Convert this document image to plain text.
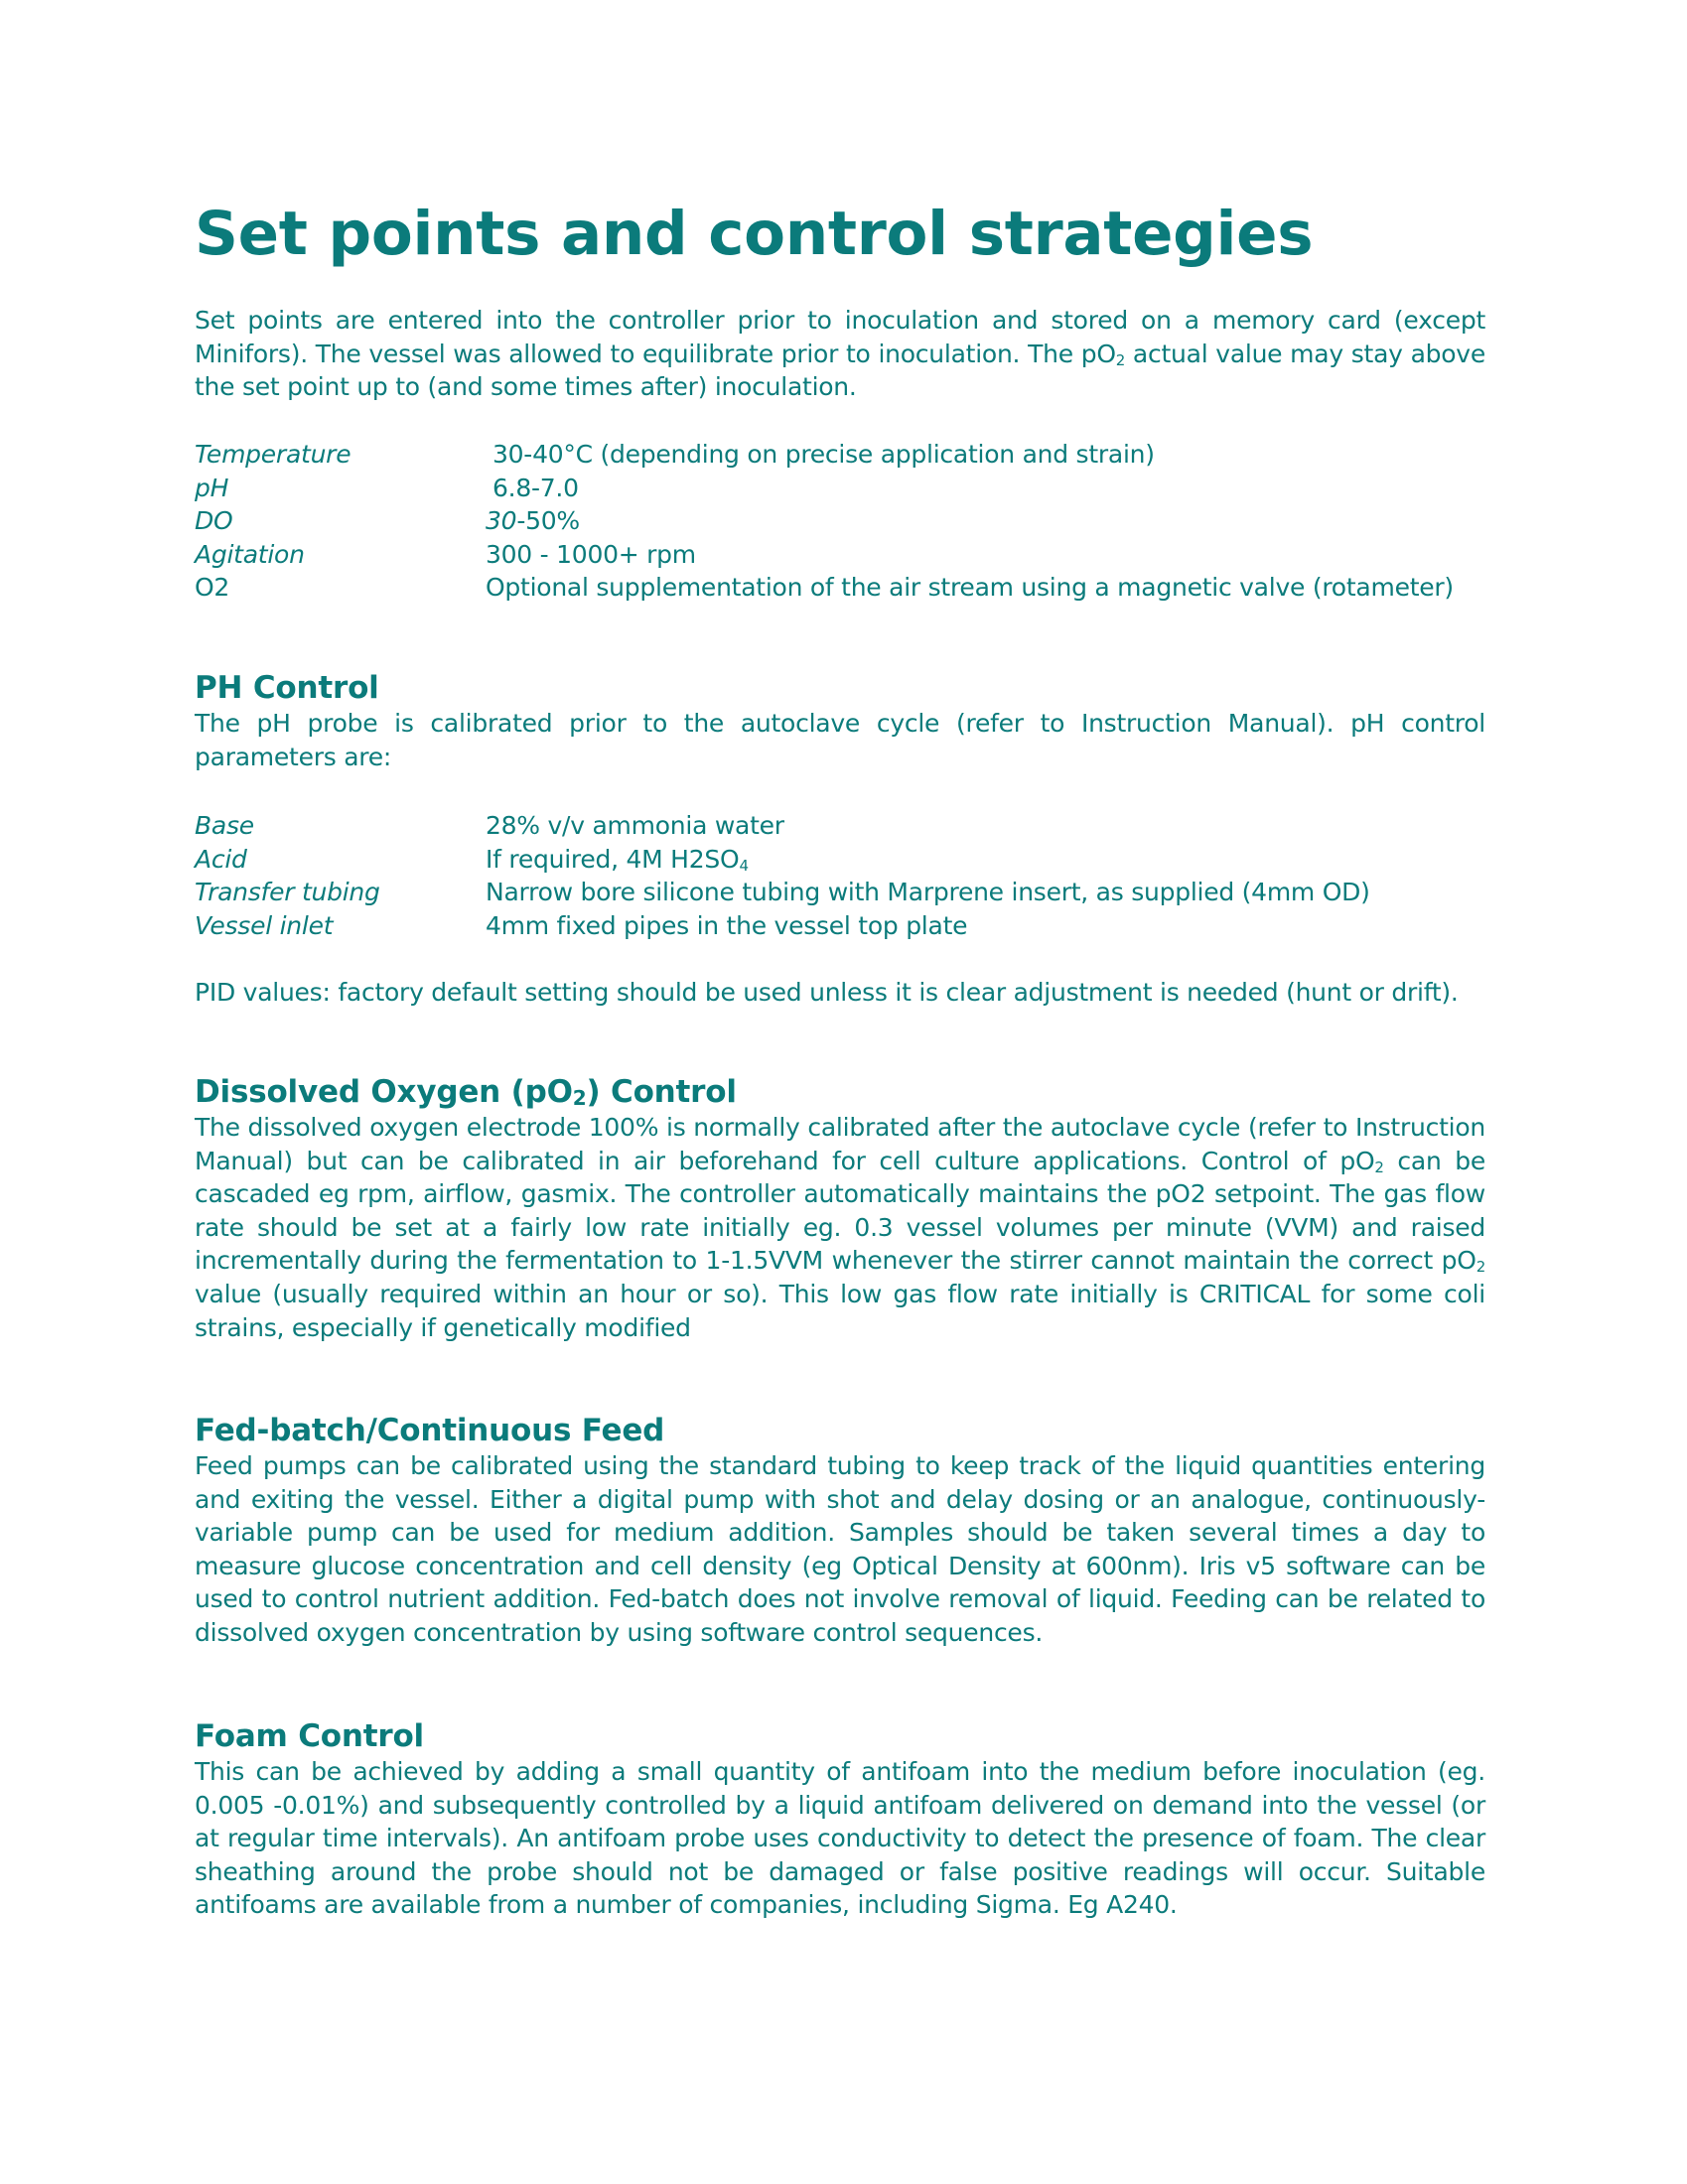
Set points and control strategies

Set points are entered into the controller prior to inoculation and stored on a memory card (except Minifors). The vessel was allowed to equilibrate prior to inoculation. The $pO_2$ actual value may stay above the set point up to (and some times after) inoculation.

Temperature	30-40°C (depending on precise application and strain)
pH	6.8-7.0
DO	30-50%
Agitation	300 - 1000+ rpm
O2	Optional supplementation of the air stream using a magnetic valve (rotameter)
PH Control

The pH probe is calibrated prior to the autoclave cycle (refer to Instruction Manual). pH control parameters are:

Base	28% v/v ammonia water
Acid	If required, 4M $H2SO_4$
Transfer tubing	Narrow bore silicone tubing with Marprene insert, as supplied (4mm OD)
Vessel inlet	4mm fixed pipes in the vessel top plate

PID values: factory default setting should be used unless it is clear adjustment is needed (hunt or drift).

Dissolved Oxygen (pO2) Control

The dissolved oxygen electrode 100% is normally calibrated after the autoclave cycle (refer to Instruction Manual) but can be calibrated in air beforehand for cell culture applications. Control of $pO_2$ can be cascaded eg rpm, airflow, gasmix. The controller automatically maintains the pO2 setpoint. The gas flow rate should be set at a fairly low rate initially eg. 0.3 vessel volumes per minute (VVM) and raised incrementally during the fermentation to 1-1.5VVM whenever the stirrer cannot maintain the correct $pO_2$ value (usually required within an hour or so). This low gas flow rate initially is CRITICAL for some coli strains, especially if genetically modified

Fed-batch/Continuous Feed

Feed pumps can be calibrated using the standard tubing to keep track of the liquid quantities entering and exiting the vessel. Either a digital pump with shot and delay dosing or an analogue, continuously-variable pump can be used for medium addition. Samples should be taken several times a day to measure glucose concentration and cell density (eg Optical Density at 600nm). Iris v5 software can be used to control nutrient addition. Fed-batch does not involve removal of liquid. Feeding can be related to dissolved oxygen concentration by using software control sequences.

Foam Control

This can be achieved by adding a small quantity of antifoam into the medium before inoculation (eg. 0.005 -0.01%) and subsequently controlled by a liquid antifoam delivered on demand into the vessel (or at regular time intervals). An antifoam probe uses conductivity to detect the presence of foam. The clear sheathing around the probe should not be damaged or false positive readings will occur. Suitable antifoams are available from a number of companies, including Sigma. Eg A240.
